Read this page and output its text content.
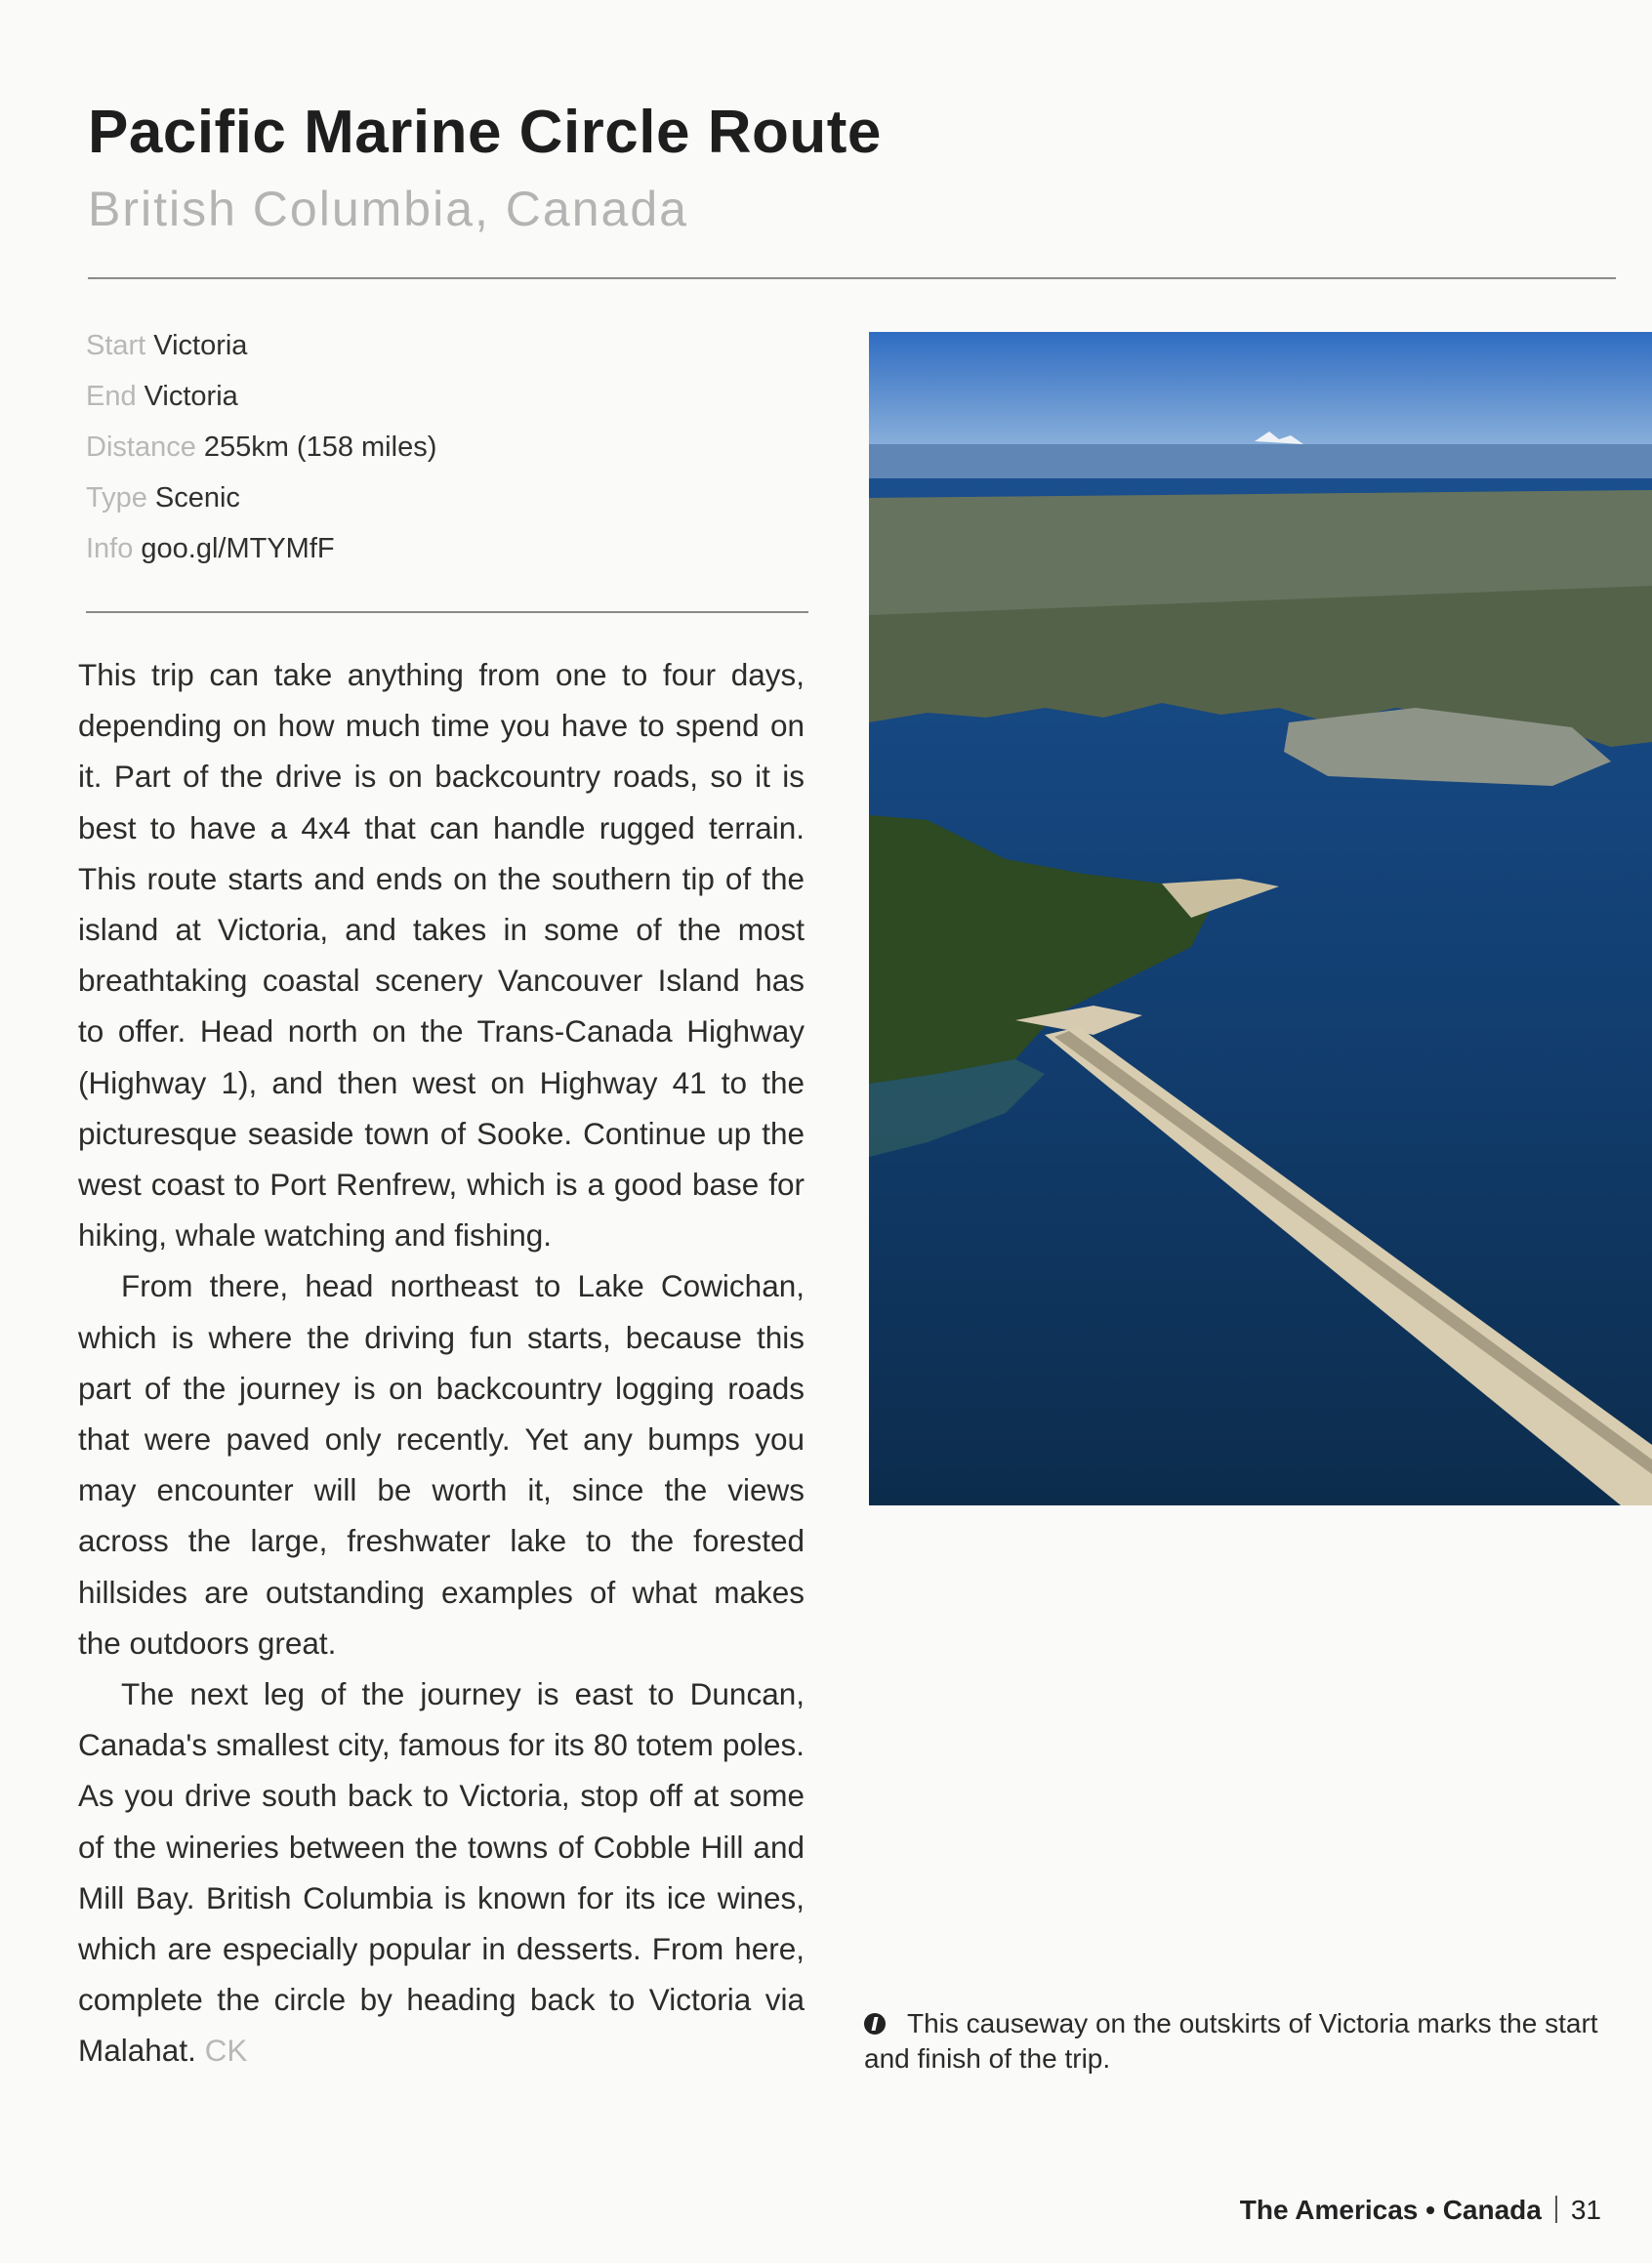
Pacific Marine Circle Route
British Columbia, Canada
Start Victoria
End Victoria
Distance 255km (158 miles)
Type Scenic
Info goo.gl/MTYMfF

This trip can take anything from one to four days, depending on how much time you have to spend on it. Part of the drive is on backcountry roads, so it is best to have a 4x4 that can handle rugged terrain. This route starts and ends on the southern tip of the island at Victoria, and takes in some of the most breathtaking coastal scenery Vancouver Island has to offer. Head north on the Trans-Canada Highway (Highway 1), and then west on Highway 41 to the picturesque seaside town of Sooke. Continue up the west coast to Port Renfrew, which is a good base for hiking, whale watching and fishing.

From there, head northeast to Lake Cowichan, which is where the driving fun starts, because this part of the journey is on backcountry logging roads that were paved only recently. Yet any bumps you may encounter will be worth it, since the views across the large, freshwater lake to the forested hillsides are outstanding examples of what makes the outdoors great.

The next leg of the journey is east to Duncan, Canada's smallest city, famous for its 80 totem poles. As you drive south back to Victoria, stop off at some of the wineries between the towns of Cobble Hill and Mill Bay. British Columbia is known for its ice wines, which are especially popular in desserts. From here, complete the circle by heading back to Victoria via Malahat. CK

This causeway on the outskirts of Victoria marks the start and finish of the trip.
The Americas • Canada 31
